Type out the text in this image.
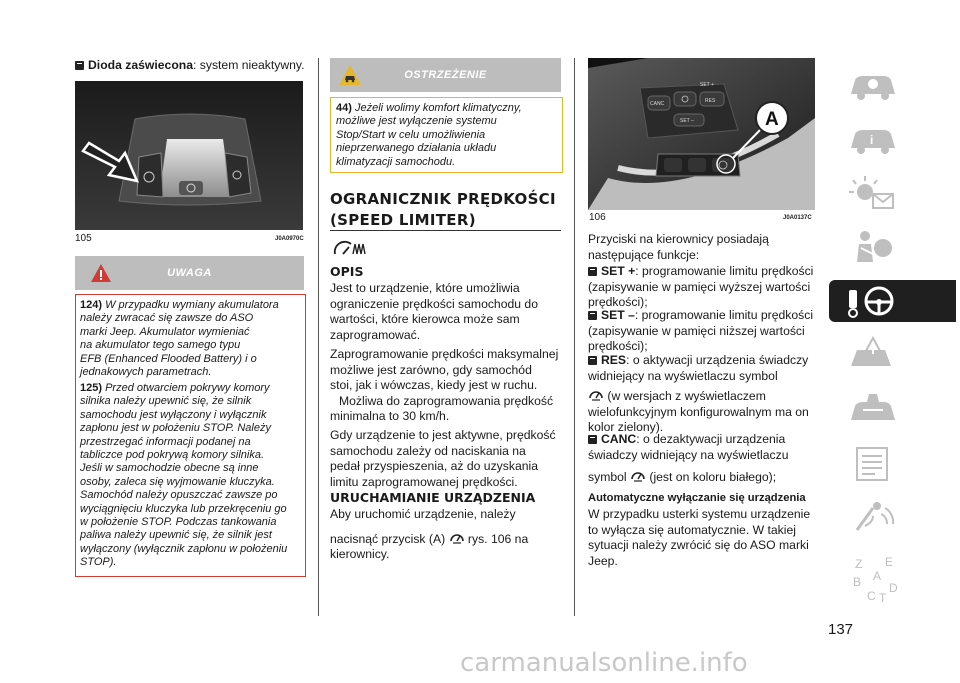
Dioda zaświecona: system nieaktywny.
105	J0A0970C
UWAGA
124) W przypadku wymiany akumulatora
należy zwracać się zawsze do ASO
marki Jeep. Akumulator wymieniać
na akumulator tego samego typu
EFB (Enhanced Flooded Battery) i o
jednakowych parametrach.
125) Przed otwarciem pokrywy komory
silnika należy upewnić się, że silnik
samochodu jest wyłączony i wyłącznik
zapłonu jest w położeniu STOP. Należy
przestrzegać informacji podanej na
tabliczce pod pokrywą komory silnika.
Jeśli w samochodzie obecne są inne
osoby, zaleca się wyjmowanie kluczyka.
Samochód należy opuszczać zawsze po
wyciągnięciu kluczyka lub przekręceniu go
w położenie STOP. Podczas tankowania
paliwa należy upewnić się, że silnik jest
wyłączony (wyłącznik zapłonu w położeniu
STOP).
OSTRZEŻENIE
44) Jeżeli wolimy komfort klimatyczny,
możliwe jest wyłączenie systemu
Stop/Start w celu umożliwienia
nieprzerwanego działania układu
klimatyzacji samochodu.
OGRANICZNIK PRĘDKOŚCI
(SPEED LIMITER)
OPIS
Jest to urządzenie, które umożliwia
ograniczenie prędkości samochodu do
wartości, które kierowca może sam
zaprogramować.
Zaprogramowanie prędkości maksymalnej
możliwe jest zarówno, gdy samochód
stoi, jak i wówczas, kiedy jest w ruchu.
Możliwa do zaprogramowania prędkość
minimalna to 30 km/h.
Gdy urządzenie to jest aktywne, prędkość
samochodu zależy od naciskania na
pedał przyspieszenia, aż do uzyskania
limitu zaprogramowanej prędkości.
URUCHAMIANIE URZĄDZENIA
Aby uruchomić urządzenie, należy
nacisnąć przycisk (A) rys. 106 na
kierownicy.
CANC	RES
SET –
SET +
A
106	J0A0137C
Przyciski na kierownicy posiadają
następujące funkcje:
SET +: programowanie limitu prędkości
(zapisywanie w pamięci wyższej wartości
prędkości);
SET –: programowanie limitu prędkości
(zapisywanie w pamięci niższej wartości
prędkości);
RES: o aktywacji urządzenia świadczy
widniejący na wyświetlaczu symbol
(w wersjach z wyświetlaczem
wielofunkcyjnym konfigurowalnym ma on
kolor zielony).
CANC: o dezaktywacji urządzenia
świadczy widniejący na wyświetlaczu
symbol (jest on koloru białego);
Automatyczne wyłączanie się urządzenia
W przypadku usterki systemu urządzenie
to wyłącza się automatycznie. W takiej
sytuacji należy zwrócić się do ASO marki
Jeep.
i
Z E
A
B
C
D
T
137
carmanualsonline.info
